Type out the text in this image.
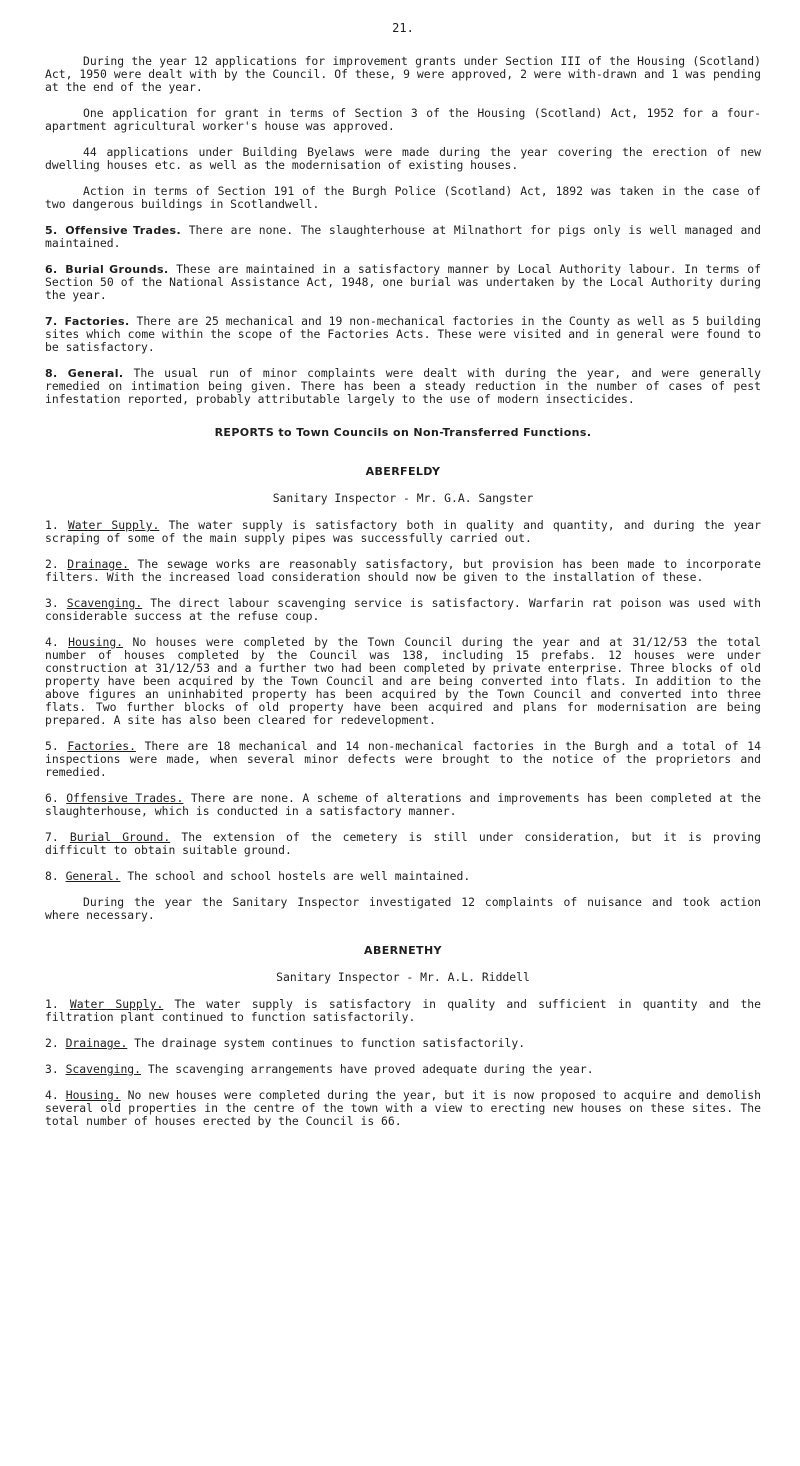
21.

During the year 12 applications for improvement grants under Section III of the Housing (Scotland) Act, 1950 were dealt with by the Council. Of these, 9 were approved, 2 were with-drawn and 1 was pending at the end of the year.

One application for grant in terms of Section 3 of the Housing (Scotland) Act, 1952 for a four-apartment agricultural worker's house was approved.

44 applications under Building Byelaws were made during the year covering the erection of new dwelling houses etc. as well as the modernisation of existing houses.

Action in terms of Section 191 of the Burgh Police (Scotland) Act, 1892 was taken in the case of two dangerous buildings in Scotlandwell.

5. Offensive Trades. There are none. The slaughterhouse at Milnathort for pigs only is well managed and maintained.

6. Burial Grounds. These are maintained in a satisfactory manner by Local Authority labour. In terms of Section 50 of the National Assistance Act, 1948, one burial was undertaken by the Local Authority during the year.

7. Factories. There are 25 mechanical and 19 non-mechanical factories in the County as well as 5 building sites which come within the scope of the Factories Acts. These were visited and in general were found to be satisfactory.

8. General. The usual run of minor complaints were dealt with during the year, and were generally remedied on intimation being given. There has been a steady reduction in the number of cases of pest infestation reported, probably attributable largely to the use of modern insecticides.

REPORTS to Town Councils on Non-Transferred Functions.
ABERFELDY
Sanitary Inspector - Mr. G.A. Sangster

1. Water Supply. The water supply is satisfactory both in quality and quantity, and during the year scraping of some of the main supply pipes was successfully carried out.

2. Drainage. The sewage works are reasonably satisfactory, but provision has been made to incorporate filters. With the increased load consideration should now be given to the installation of these.

3. Scavenging. The direct labour scavenging service is satisfactory. Warfarin rat poison was used with considerable success at the refuse coup.

4. Housing. No houses were completed by the Town Council during the year and at 31/12/53 the total number of houses completed by the Council was 138, including 15 prefabs. 12 houses were under construction at 31/12/53 and a further two had been completed by private enterprise. Three blocks of old property have been acquired by the Town Council and are being converted into flats. In addition to the above figures an uninhabited property has been acquired by the Town Council and converted into three flats. Two further blocks of old property have been acquired and plans for modernisation are being prepared. A site has also been cleared for redevelopment.

5. Factories. There are 18 mechanical and 14 non-mechanical factories in the Burgh and a total of 14 inspections were made, when several minor defects were brought to the notice of the proprietors and remedied.

6. Offensive Trades. There are none. A scheme of alterations and improvements has been completed at the slaughterhouse, which is conducted in a satisfactory manner.

7. Burial Ground. The extension of the cemetery is still under consideration, but it is proving difficult to obtain suitable ground.

8. General. The school and school hostels are well maintained.

During the year the Sanitary Inspector investigated 12 complaints of nuisance and took action where necessary.

ABERNETHY
Sanitary Inspector - Mr. A.L. Riddell

1. Water Supply. The water supply is satisfactory in quality and sufficient in quantity and the filtration plant continued to function satisfactorily.

2. Drainage. The drainage system continues to function satisfactorily.

3. Scavenging. The scavenging arrangements have proved adequate during the year.

4. Housing. No new houses were completed during the year, but it is now proposed to acquire and demolish several old properties in the centre of the town with a view to erecting new houses on these sites. The total number of houses erected by the Council is 66.
